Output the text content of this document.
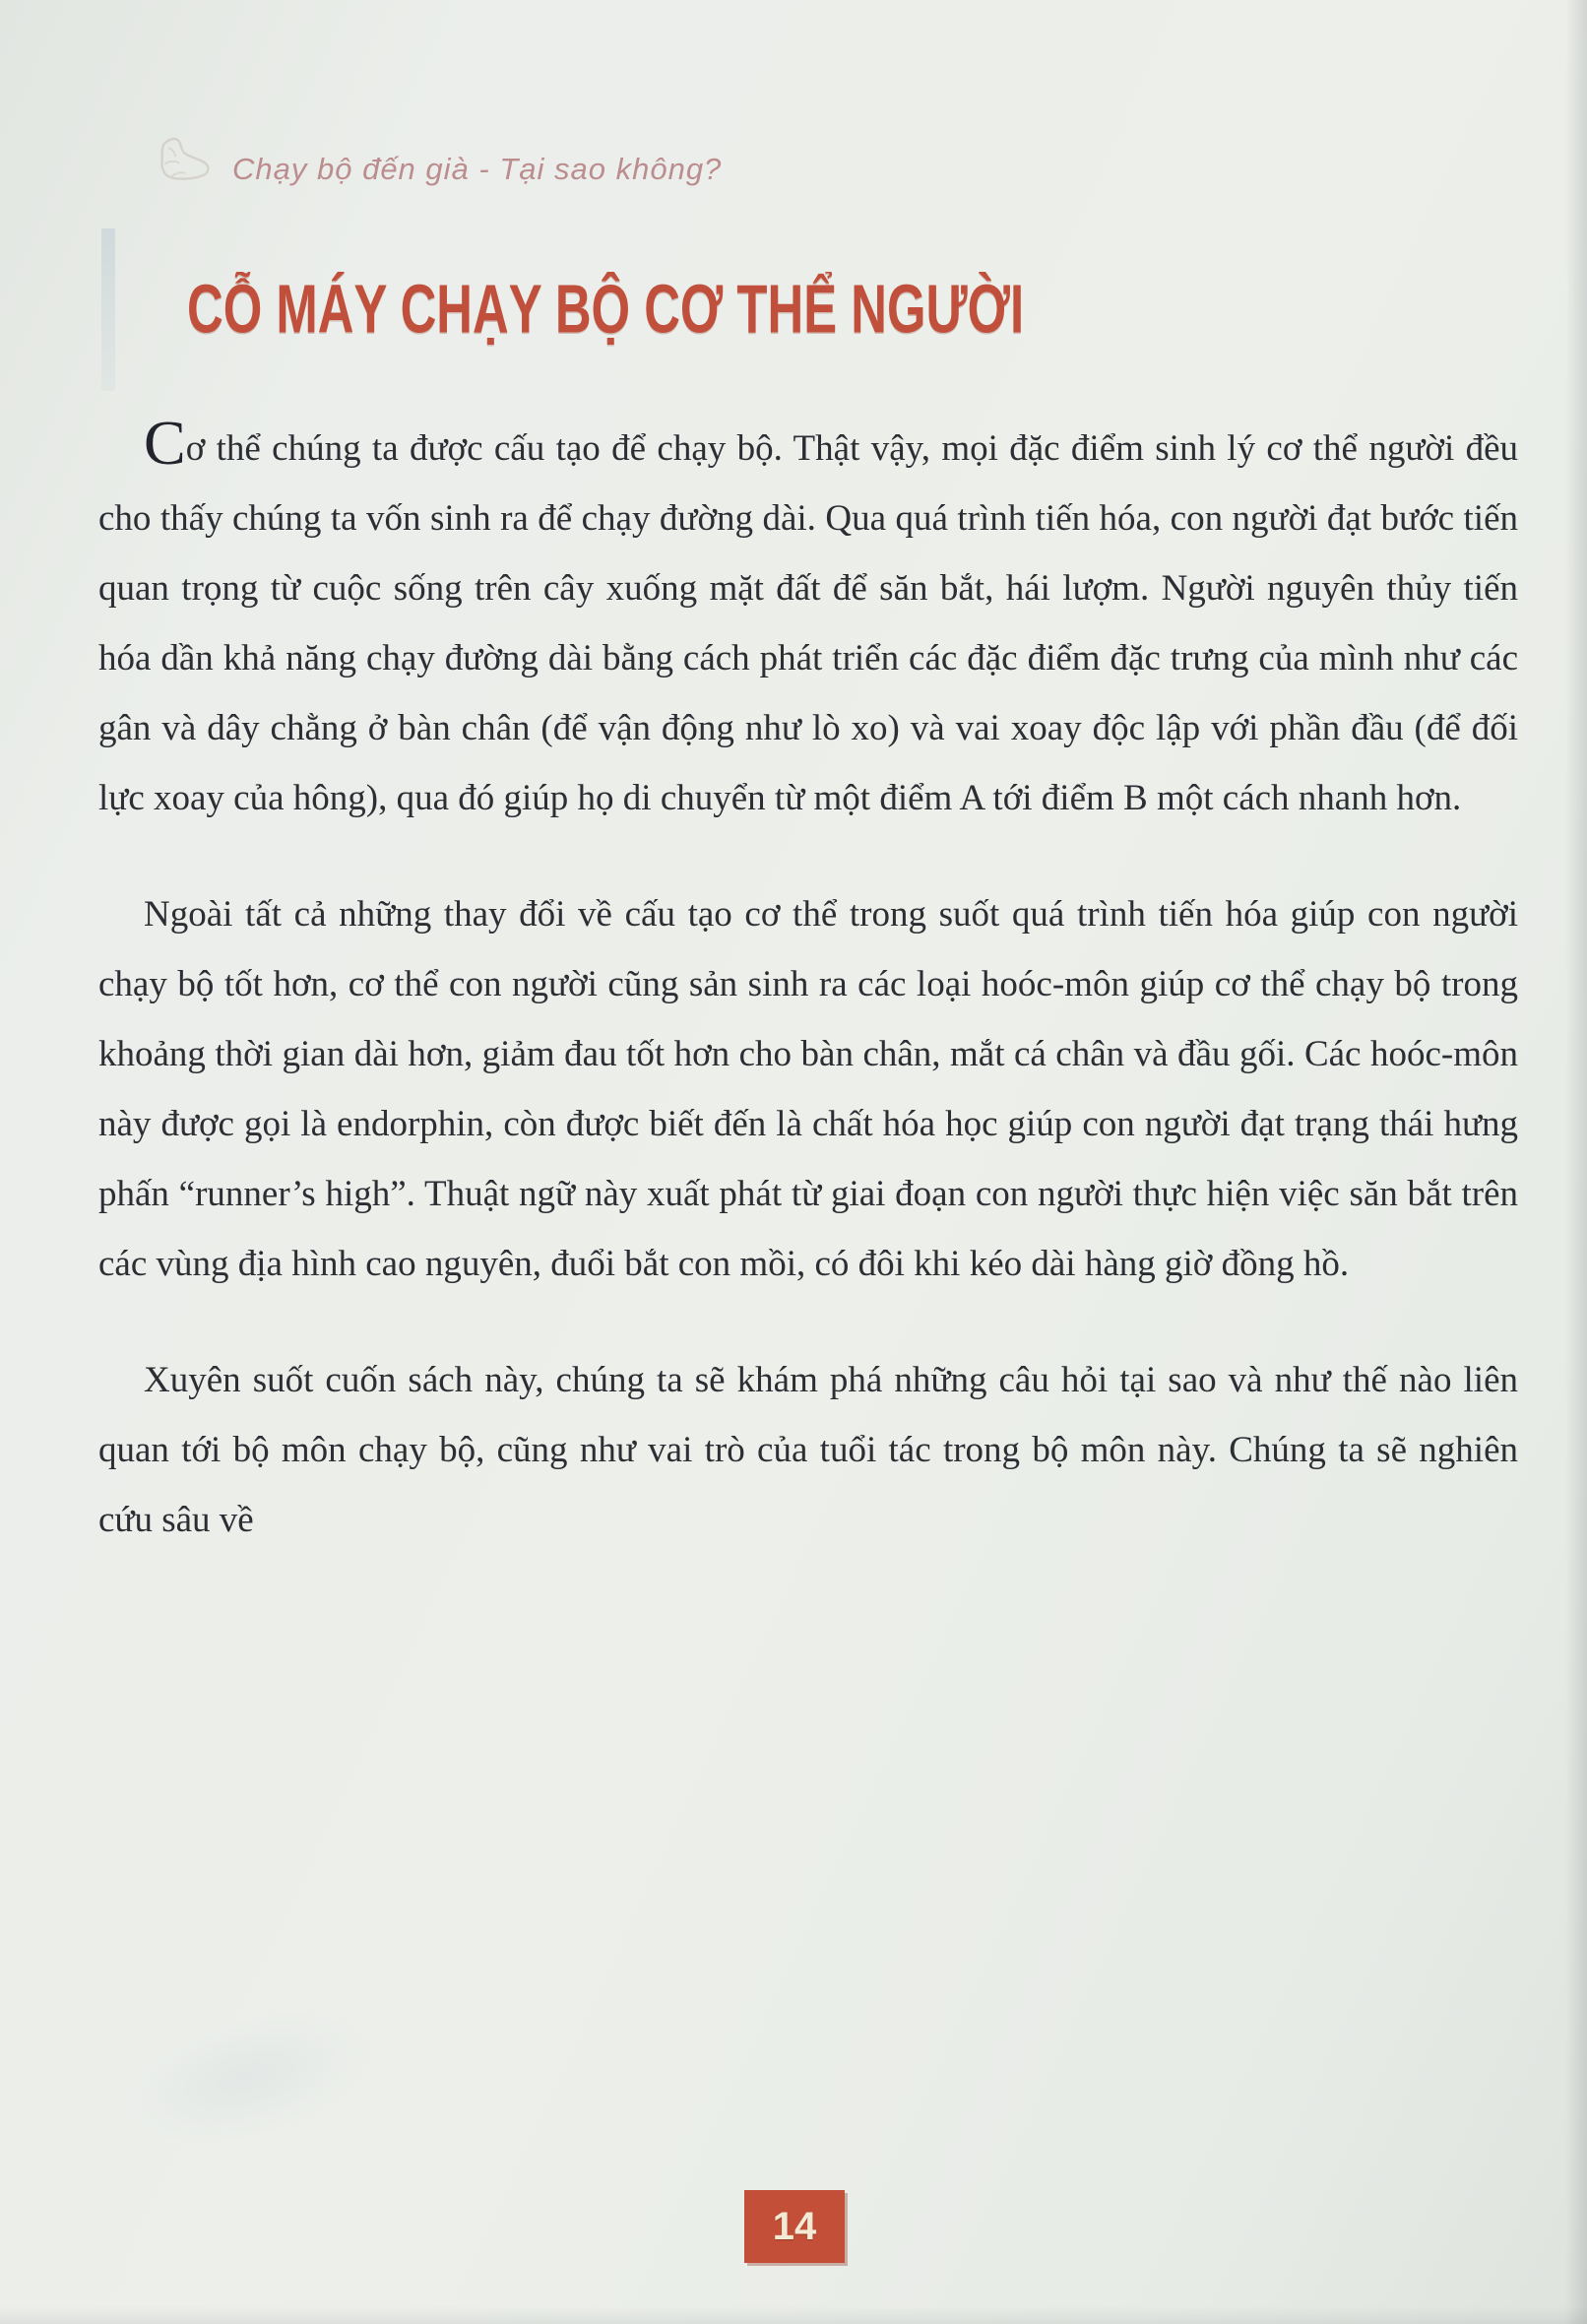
Chạy bộ đến già - Tại sao không?
CỖ MÁY CHẠY BỘ CƠ THỂ NGƯỜI

Cơ thể chúng ta được cấu tạo để chạy bộ. Thật vậy, mọi đặc điểm sinh lý cơ thể người đều cho thấy chúng ta vốn sinh ra để chạy đường dài. Qua quá trình tiến hóa, con người đạt bước tiến quan trọng từ cuộc sống trên cây xuống mặt đất để săn bắt, hái lượm. Người nguyên thủy tiến hóa dần khả năng chạy đường dài bằng cách phát triển các đặc điểm đặc trưng của mình như các gân và dây chằng ở bàn chân (để vận động như lò xo) và vai xoay độc lập với phần đầu (để đối lực xoay của hông), qua đó giúp họ di chuyển từ một điểm A tới điểm B một cách nhanh hơn.

Ngoài tất cả những thay đổi về cấu tạo cơ thể trong suốt quá trình tiến hóa giúp con người chạy bộ tốt hơn, cơ thể con người cũng sản sinh ra các loại hoóc-môn giúp cơ thể chạy bộ trong khoảng thời gian dài hơn, giảm đau tốt hơn cho bàn chân, mắt cá chân và đầu gối. Các hoóc-môn này được gọi là endorphin, còn được biết đến là chất hóa học giúp con người đạt trạng thái hưng phấn “runner’s high”. Thuật ngữ này xuất phát từ giai đoạn con người thực hiện việc săn bắt trên các vùng địa hình cao nguyên, đuổi bắt con mồi, có đôi khi kéo dài hàng giờ đồng hồ.

Xuyên suốt cuốn sách này, chúng ta sẽ khám phá những câu hỏi tại sao và như thế nào liên quan tới bộ môn chạy bộ, cũng như vai trò của tuổi tác trong bộ môn này. Chúng ta sẽ nghiên cứu sâu về

14
